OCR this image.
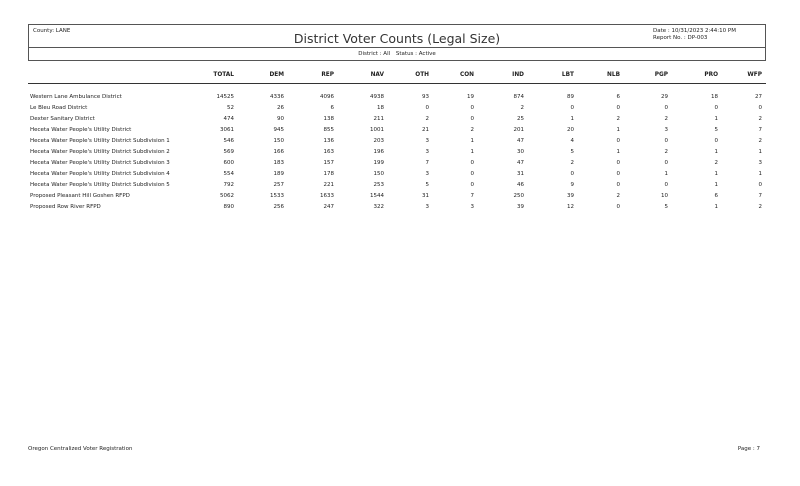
County: LANE	District Voter Counts (Legal Size)	Date : 10/31/2023 2:44:10 PM
Report No. : DP-003
District : All Status : Active
	TOTAL	DEM	REP	NAV	OTH	CON	IND	LBT	NLB	PGP	PRO	WFP
Western Lane Ambulance District	14525	4336	4096	4938	93	19	874	89	6	29	18	27
Le Bleu Road District	52	26	6	18	0	0	2	0	0	0	0	0
Dexter Sanitary District	474	90	138	211	2	0	25	1	2	2	1	2
Heceta Water People's Utility District	3061	945	855	1001	21	2	201	20	1	3	5	7
Heceta Water People's Utility District Subdivision 1	546	150	136	203	3	1	47	4	0	0	0	2
Heceta Water People's Utility District Subdivision 2	569	166	163	196	3	1	30	5	1	2	1	1
Heceta Water People's Utility District Subdivision 3	600	183	157	199	7	0	47	2	0	0	2	3
Heceta Water People's Utility District Subdivision 4	554	189	178	150	3	0	31	0	0	1	1	1
Heceta Water People's Utility District Subdivision 5	792	257	221	253	5	0	46	9	0	0	1	0
Proposed Pleasant Hill Goshen RFPD	5062	1533	1633	1544	31	7	250	39	2	10	6	7
Proposed Row River RFPD	890	256	247	322	3	3	39	12	0	5	1	2
Oregon Centralized Voter Registration	Page : 7
